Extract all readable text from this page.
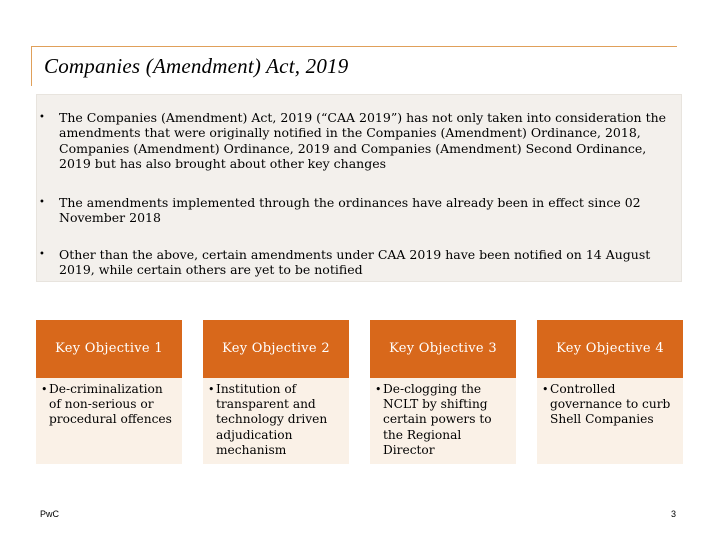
Companies (Amendment) Act, 2019
• The Companies (Amendment) Act, 2019 (“CAA 2019”) has not only taken into consideration the amendments that were originally notified in the Companies (Amendment) Ordinance, 2018, Companies (Amendment) Ordinance, 2019 and Companies (Amendment) Second Ordinance, 2019 but has also brought about other key changes
• The amendments implemented through the ordinances have already been in effect since 02 November 2018
• Other than the above, certain amendments under CAA 2019 have been notified on 14 August 2019, while certain others are yet to be notified
Key Objective 1
• De-criminalization of non-serious or procedural offences
Key Objective 2
• Institution of transparent and technology driven adjudication mechanism
Key Objective 3
• De-clogging the NCLT by shifting certain powers to the Regional Director
Key Objective 4
• Controlled governance to curb Shell Companies
PwC	3
